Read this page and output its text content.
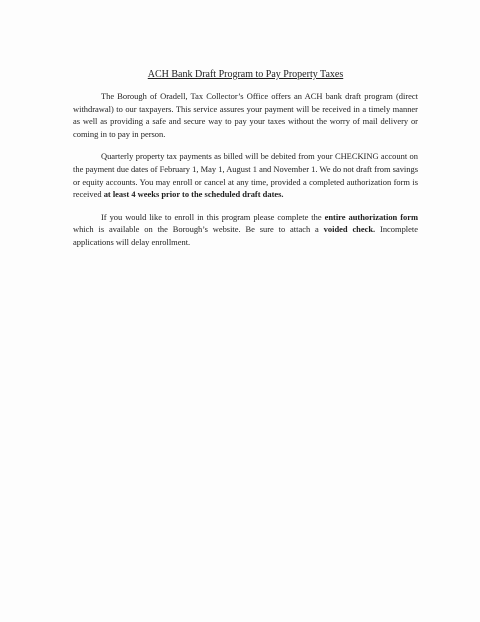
ACH Bank Draft Program to Pay Property Taxes

The Borough of Oradell, Tax Collector’s Office offers an ACH bank draft program (direct withdrawal) to our taxpayers. This service assures your payment will be received in a timely manner as well as providing a safe and secure way to pay your taxes without the worry of mail delivery or coming in to pay in person.

Quarterly property tax payments as billed will be debited from your CHECKING account on the payment due dates of February 1, May 1, August 1 and November 1. We do not draft from savings or equity accounts. You may enroll or cancel at any time, provided a completed authorization form is received at least 4 weeks prior to the scheduled draft dates.

If you would like to enroll in this program please complete the entire authorization form which is available on the Borough’s website. Be sure to attach a voided check. Incomplete applications will delay enrollment.
